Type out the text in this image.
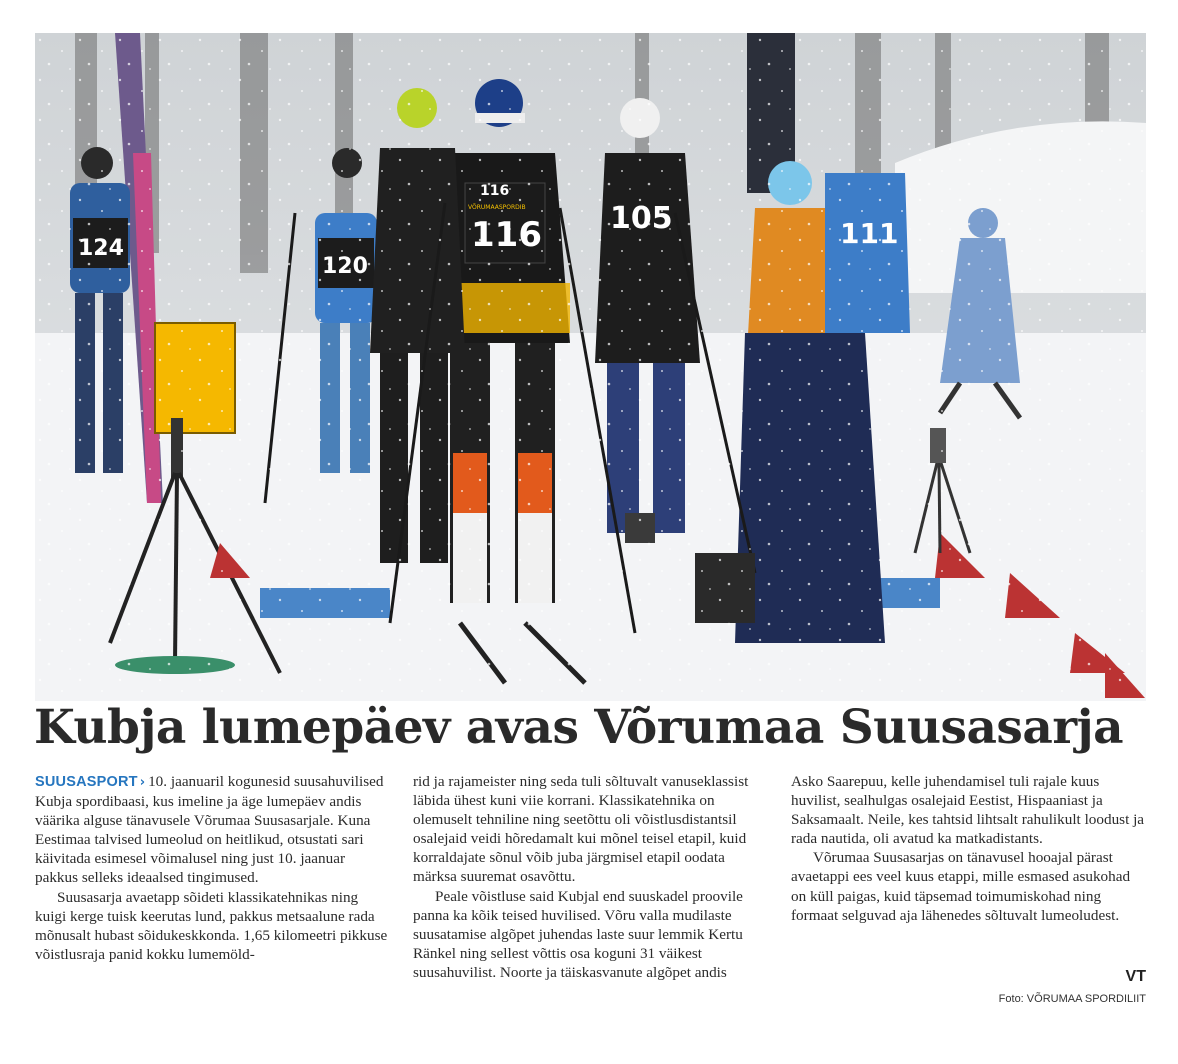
Kubja lumepäev avas Võrumaa Suusasarja

SUUSASPORT › 10. jaanuaril kogunesid suusahuvilised Kubja spordibaasi, kus imeline ja äge lumepäev andis väärika alguse tänavusele Võrumaa Suusasarjale. Kuna Eestimaa talvised lumeolud on heitlikud, otsustati sari käivitada esimesel võimalusel ning just 10. jaanuar pakkus selleks ideaalsed tingimused.

Suusasarja avaetapp sõideti klassikatehnikas ning kuigi kerge tuisk keerutas lund, pakkus metsaalune rada mõnusalt hubast sõidukeskkonda. 1,65 kilomeetri pikkuse võistlusraja panid kokku lumemöld-

rid ja rajameister ning seda tuli sõltuvalt vanuseklassist läbida ühest kuni viie korrani. Klassikatehnika on olemuselt tehniline ning seetõttu oli võistlusdistantsil osalejaid veidi hõredamalt kui mõnel teisel etapil, kuid korraldajate sõnul võib juba järgmisel etapil oodata märksa suuremat osavõttu.

Peale võistluse said Kubjal end suuskadel proovile panna ka kõik teised huvilised. Võru valla mudilaste suusatamise algõpet juhendas laste suur lemmik Kertu Ränkel ning sellest võttis osa koguni 31 väikest suusahuvilist. Noorte ja täiskasvanute algõpet andis

Asko Saarepuu, kelle juhendamisel tuli rajale kuus huvilist, sealhulgas osalejaid Eestist, Hispaaniast ja Saksamaalt. Neile, kes tahtsid lihtsalt rahulikult loodust ja rada nautida, oli avatud ka matkadistants.

Võrumaa Suusasarjas on tänavusel hooajal pärast avaetappi ees veel kuus etappi, mille esmased asukohad on küll paigas, kuid täpsemad toimumiskohad ning formaat selguvad aja lähenedes sõltuvalt lumeoludest.

VT
Foto: VÕRUMAA SPORDILIIT
